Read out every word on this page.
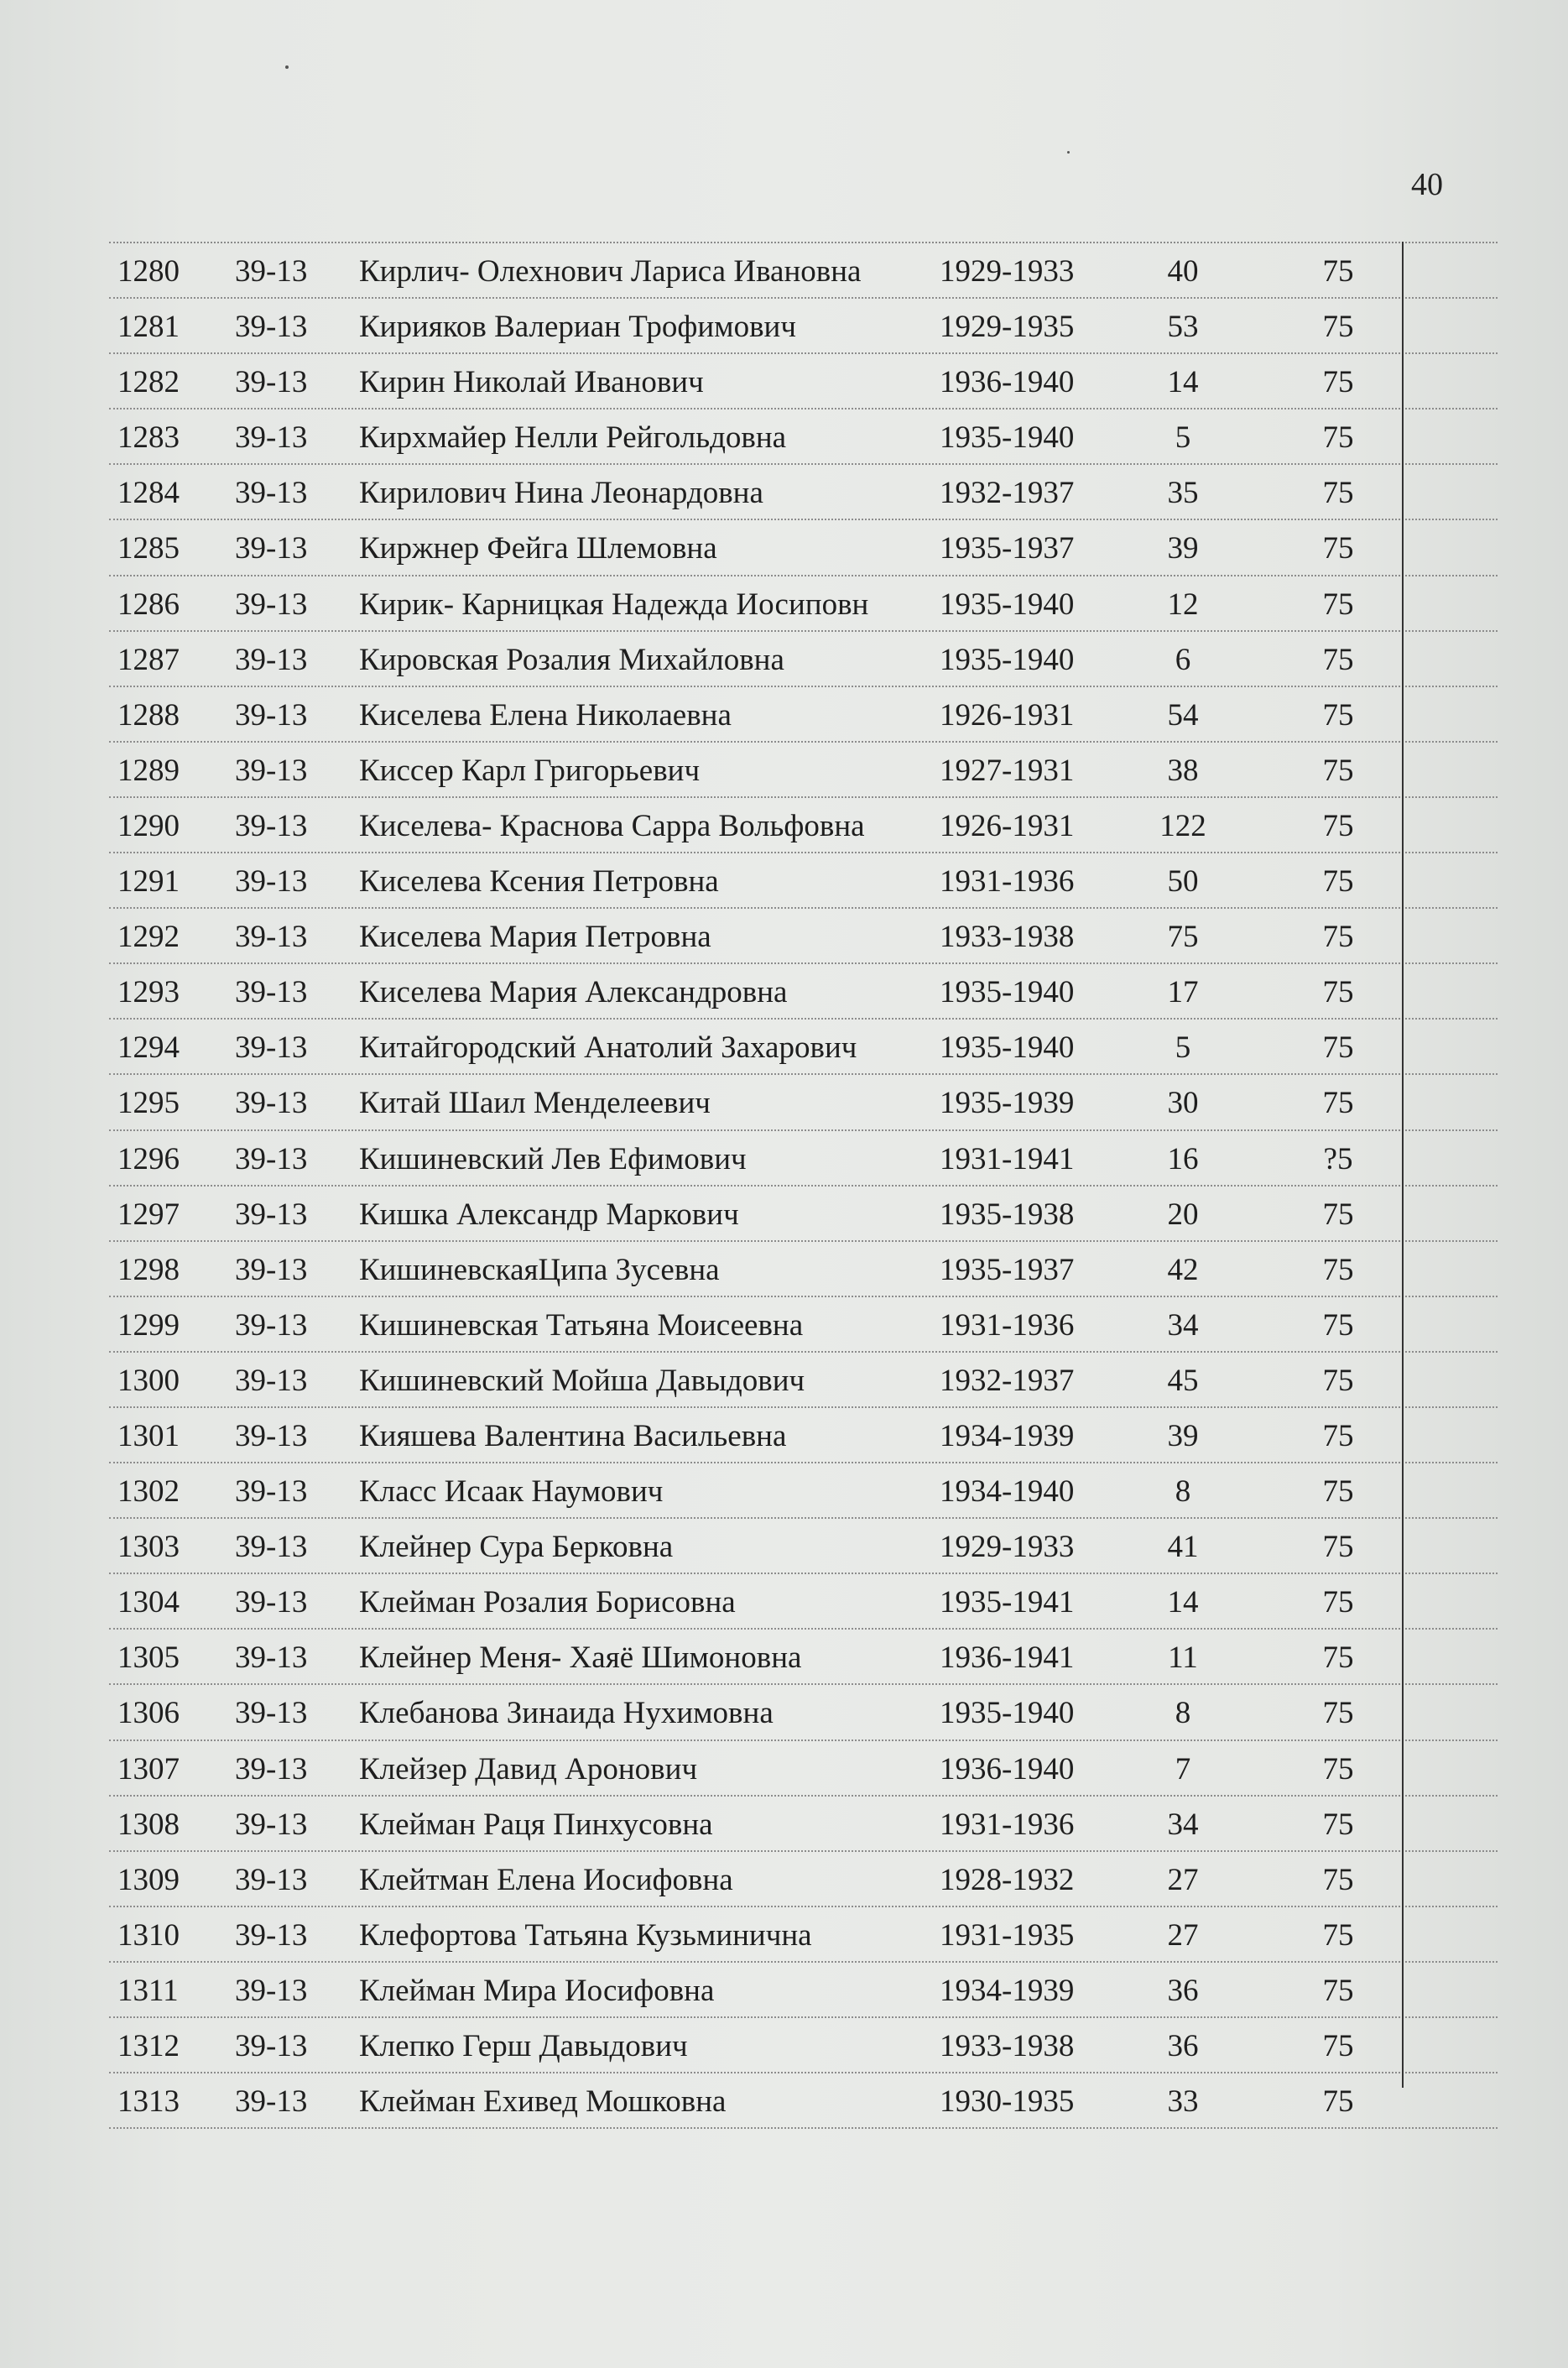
40
1280 39-13 Кирлич- Олехнович Лариса Ивановна	1929-1933	40	75
1281 39-13 Кирияков Валериан Трофимович	1929-1935	53	75
1282 39-13 Кирин Николай Иванович	1936-1940	14	75
1283 39-13 Кирхмайер Нелли Рейгольдовна	1935-1940	5	75
1284 39-13 Кирилович Нина Леонардовна	1932-1937	35	75
1285 39-13 Киржнер Фейга Шлемовна	1935-1937	39	75
1286 39-13 Кирик- Карницкая Надежда Иосиповн 1935-1940	12	75
1287 39-13 Кировская Розалия Михайловна	1935-1940	6	75
1288 39-13 Киселева Елена Николаевна	1926-1931	54	75
1289 39-13 Киссер Карл Григорьевич	1927-1931	38	75
1290 39-13 Киселева- Краснова Сарра Вольфовна 1926-1931	122	75
1291 39-13 Киселева Ксения Петровна	1931-1936	50	75
1292 39-13 Киселева Мария Петровна	1933-1938	75	75
1293 39-13 Киселева Мария Александровна	1935-1940	17	75
1294 39-13 Китайгородский Анатолий Захарович	1935-1940	5	75
1295 39-13 Китай Шаил Менделеевич	1935-1939	30	75
1296 39-13 Кишиневский Лев Ефимович	1931-1941	16	?5
1297 39-13 Кишка Александр Маркович	1935-1938	20	75
1298 39-13 КишиневскаяЦипа Зусевна	1935-1937	42	75
1299 39-13 Кишиневская Татьяна Моисеевна	1931-1936	34	75
1300 39-13 Кишиневский Мойша Давыдович	1932-1937	45	75
1301 39-13 Кияшева Валентина Васильевна	1934-1939	39	75
1302 39-13 Класс Исаак Наумович	1934-1940	8	75
1303 39-13 Клейнер Сура Берковна	1929-1933	41	75
1304 39-13 Клейман Розалия Борисовна	1935-1941	14	75
1305 39-13 Клейнер Меня- Хаяё Шимоновна	1936-1941	11	75
1306 39-13 Клебанова Зинаида Нухимовна	1935-1940	8	75
1307 39-13 Клейзер Давид Аронович	1936-1940	7	75
1308 39-13 Клейман Раця Пинхусовна	1931-1936	34	75
1309 39-13 Клейтман Елена Иосифовна	1928-1932	27	75
1310 39-13 Клефортова Татьяна Кузьминична	1931-1935	27	75
1311 39-13 Клейман Мира Иосифовна	1934-1939	36	75
1312 39-13 Клепко Герш Давыдович	1933-1938	36	75
1313 39-13 Клейман Ехивед Мошковна	1930-1935	33	75
